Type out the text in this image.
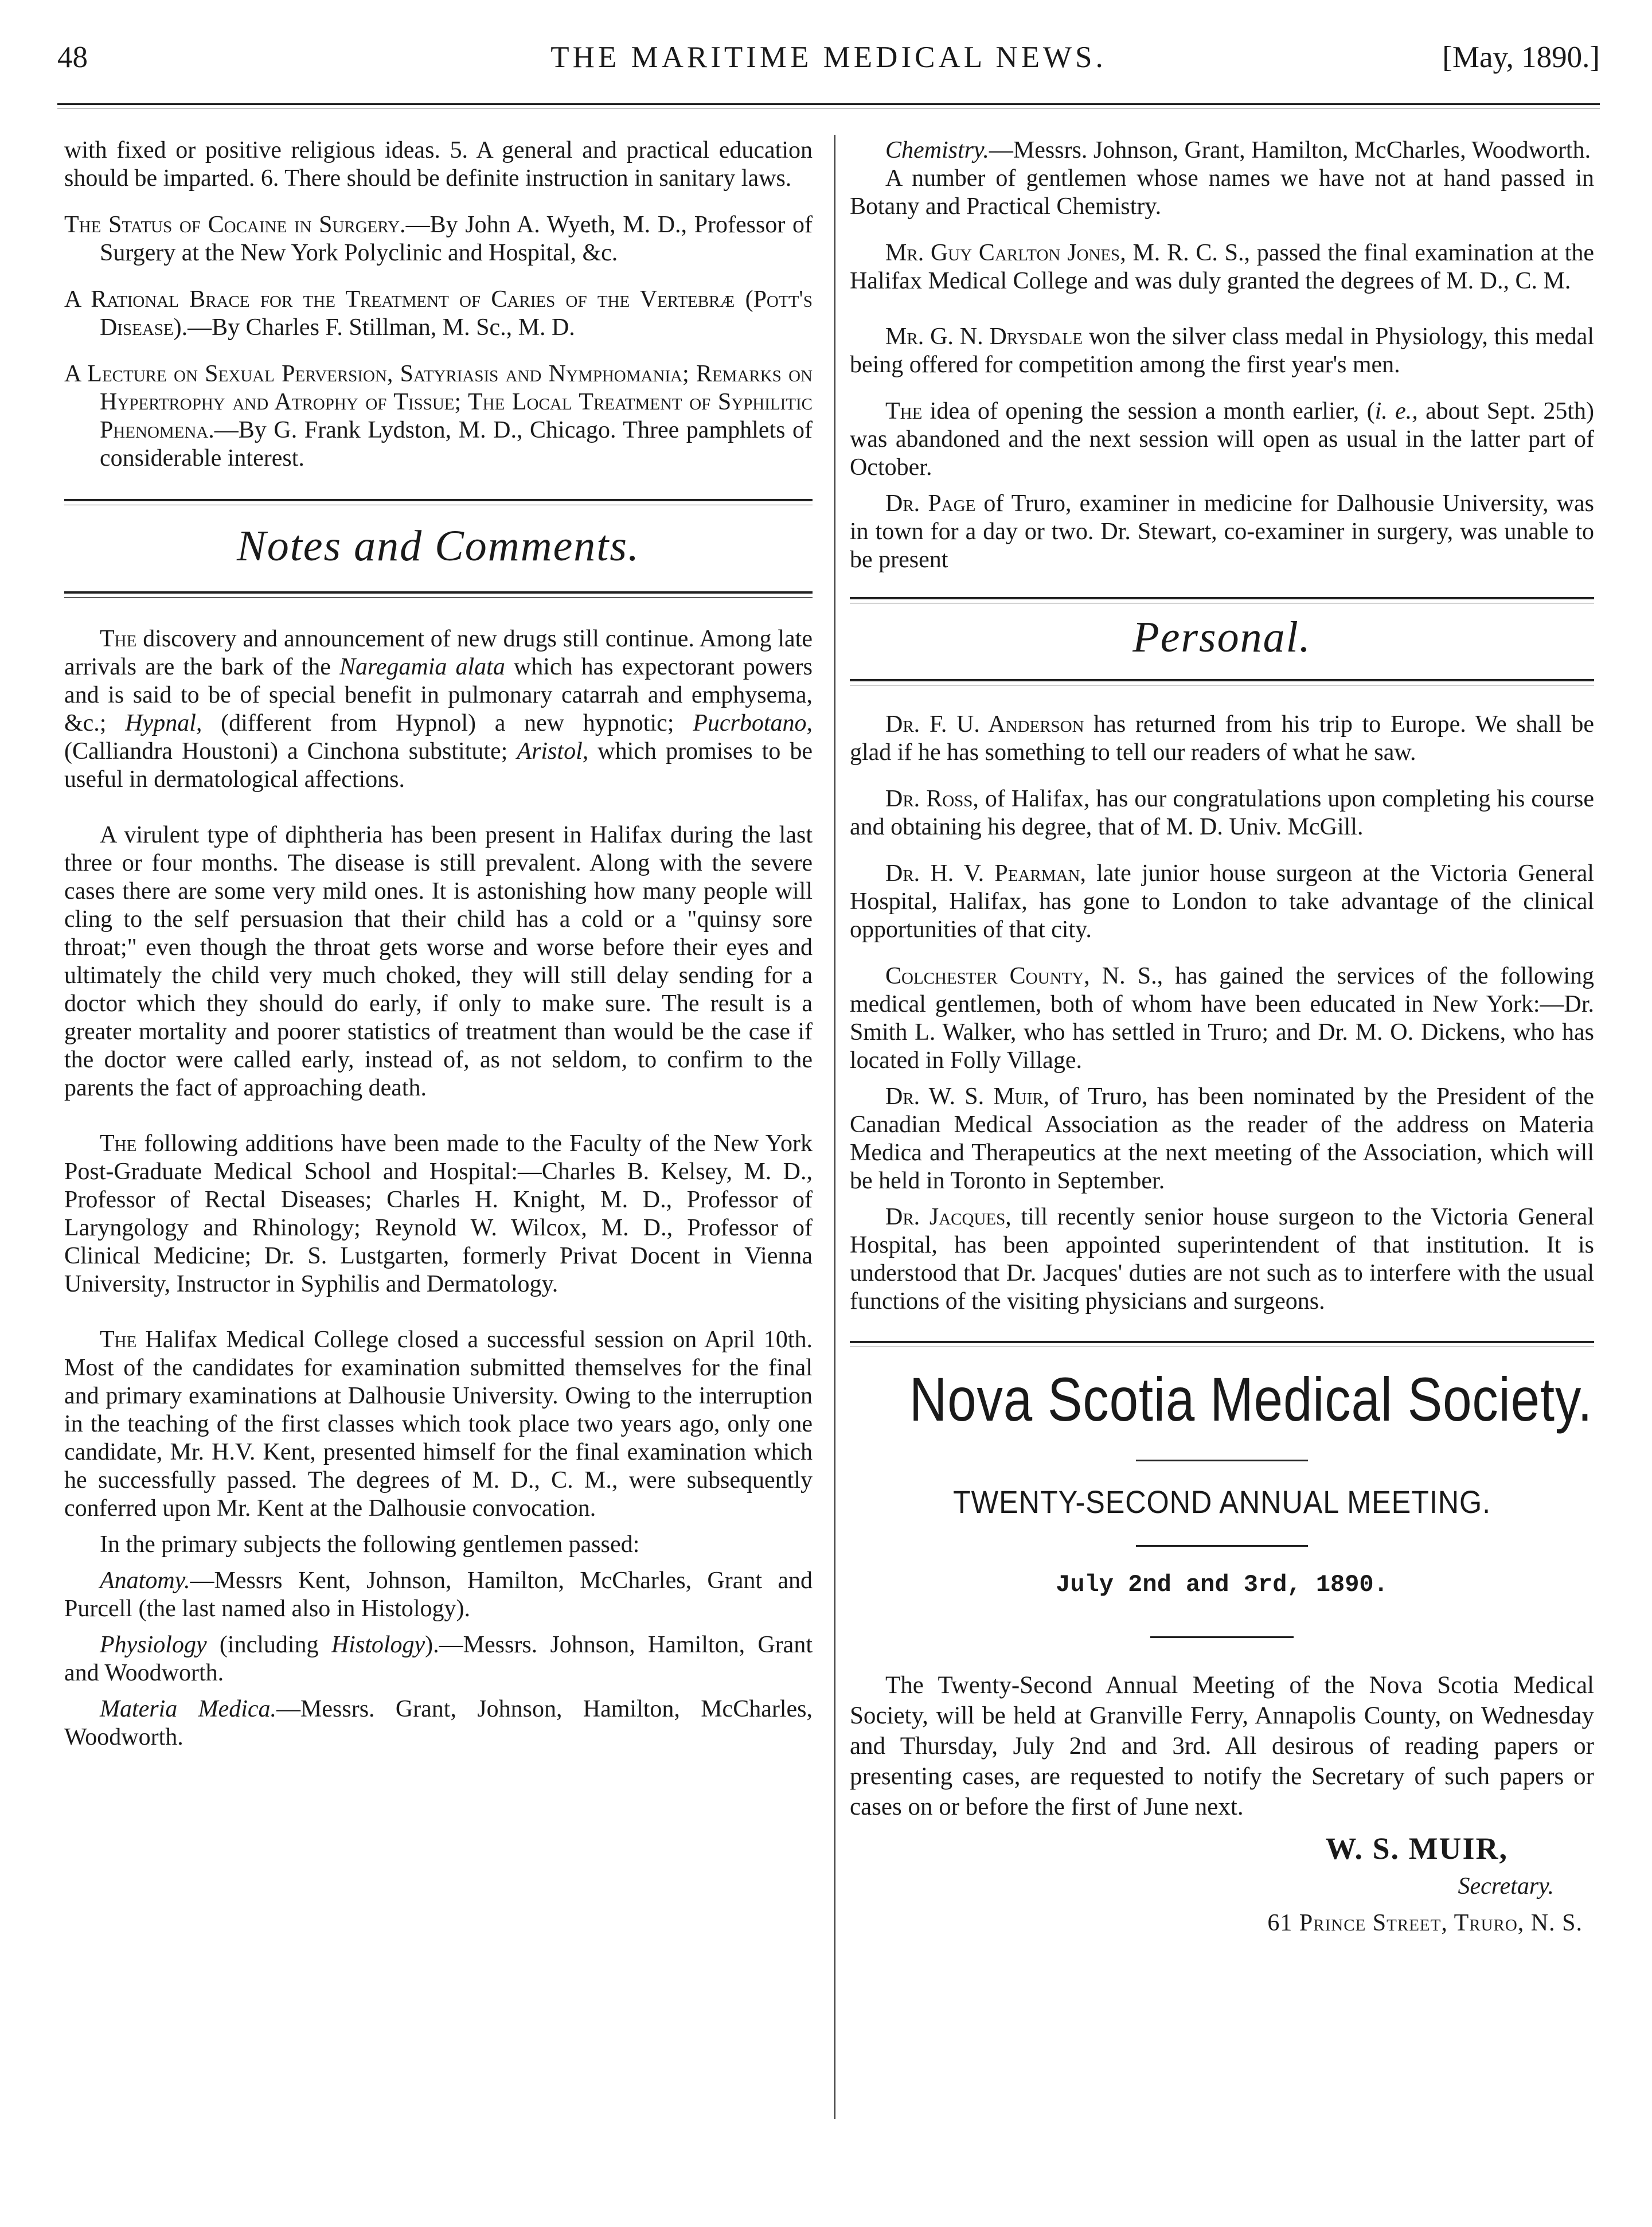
48	THE MARITIME MEDICAL NEWS.	[May, 1890.]

with fixed or positive religious ideas. 5. A general and practical education should be imparted. 6. There should be definite instruction in sanitary laws.

The Status of Cocaine in Surgery.—By John A. Wyeth, M. D., Professor of Surgery at the New York Polyclinic and Hospital, &c.

A Rational Brace for the Treatment of Caries of the Vertebræ (Pott's Disease).—By Charles F. Stillman, M. Sc., M. D.

A Lecture on Sexual Perversion, Satyriasis and Nymphomania; Remarks on Hypertrophy and Atrophy of Tissue; The Local Treatment of Syphilitic Phenomena.—By G. Frank Lydston, M. D., Chicago. Three pamphlets of considerable interest.

Notes and Comments.

The discovery and announcement of new drugs still continue. Among late arrivals are the bark of the Naregamia alata which has expectorant powers and is said to be of special benefit in pulmonary catarrah and emphysema, &c.; Hypnal, (different from Hypnol) a new hypnotic; Pucrbotano, (Calliandra Houstoni) a Cinchona substitute; Aristol, which promises to be useful in dermatological affections.

A virulent type of diphtheria has been present in Halifax during the last three or four months. The disease is still prevalent. Along with the severe cases there are some very mild ones. It is astonishing how many people will cling to the self persuasion that their child has a cold or a "quinsy sore throat;" even though the throat gets worse and worse before their eyes and ultimately the child very much choked, they will still delay sending for a doctor which they should do early, if only to make sure. The result is a greater mortality and poorer statistics of treatment than would be the case if the doctor were called early, instead of, as not seldom, to confirm to the parents the fact of approaching death.

The following additions have been made to the Faculty of the New York Post-Graduate Medical School and Hospital:—Charles B. Kelsey, M. D., Professor of Rectal Diseases; Charles H. Knight, M. D., Professor of Laryngology and Rhinology; Reynold W. Wilcox, M. D., Professor of Clinical Medicine; Dr. S. Lustgarten, formerly Privat Docent in Vienna University, Instructor in Syphilis and Dermatology.

The Halifax Medical College closed a successful session on April 10th. Most of the candidates for examination submitted themselves for the final and primary examinations at Dalhousie University. Owing to the interruption in the teaching of the first classes which took place two years ago, only one candidate, Mr. H.V. Kent, presented himself for the final examination which he successfully passed. The degrees of M. D., C. M., were subsequently conferred upon Mr. Kent at the Dalhousie convocation.

In the primary subjects the following gentlemen passed:

Anatomy.—Messrs Kent, Johnson, Hamilton, McCharles, Grant and Purcell (the last named also in Histology).

Physiology (including Histology).—Messrs. Johnson, Hamilton, Grant and Woodworth.

Materia Medica.—Messrs. Grant, Johnson, Hamilton, McCharles, Woodworth.

Chemistry.—Messrs. Johnson, Grant, Hamilton, McCharles, Woodworth.

A number of gentlemen whose names we have not at hand passed in Botany and Practical Chemistry.

Mr. Guy Carlton Jones, M. R. C. S., passed the final examination at the Halifax Medical College and was duly granted the degrees of M. D., C. M.

Mr. G. N. Drysdale won the silver class medal in Physiology, this medal being offered for competition among the first year's men.

The idea of opening the session a month earlier, (i. e., about Sept. 25th) was abandoned and the next session will open as usual in the latter part of October.

Dr. Page of Truro, examiner in medicine for Dalhousie University, was in town for a day or two. Dr. Stewart, co-examiner in surgery, was unable to be present

Personal.

Dr. F. U. Anderson has returned from his trip to Europe. We shall be glad if he has something to tell our readers of what he saw.

Dr. Ross, of Halifax, has our congratulations upon completing his course and obtaining his degree, that of M. D. Univ. McGill.

Dr. H. V. Pearman, late junior house surgeon at the Victoria General Hospital, Halifax, has gone to London to take advantage of the clinical opportunities of that city.

Colchester County, N. S., has gained the services of the following medical gentlemen, both of whom have been educated in New York:—Dr. Smith L. Walker, who has settled in Truro; and Dr. M. O. Dickens, who has located in Folly Village.

Dr. W. S. Muir, of Truro, has been nominated by the President of the Canadian Medical Association as the reader of the address on Materia Medica and Therapeutics at the next meeting of the Association, which will be held in Toronto in September.

Dr. Jacques, till recently senior house surgeon to the Victoria General Hospital, has been appointed superintendent of that institution. It is understood that Dr. Jacques' duties are not such as to interfere with the usual functions of the visiting physicians and surgeons.

Nova Scotia Medical Society.
TWENTY-SECOND ANNUAL MEETING.
July 2nd and 3rd, 1890.

The Twenty-Second Annual Meeting of the Nova Scotia Medical Society, will be held at Granville Ferry, Annapolis County, on Wednesday and Thursday, July 2nd and 3rd. All desirous of reading papers or presenting cases, are requested to notify the Secretary of such papers or cases on or before the first of June next.

W. S. MUIR,
Secretary.
61 Prince Street, Truro, N. S.
